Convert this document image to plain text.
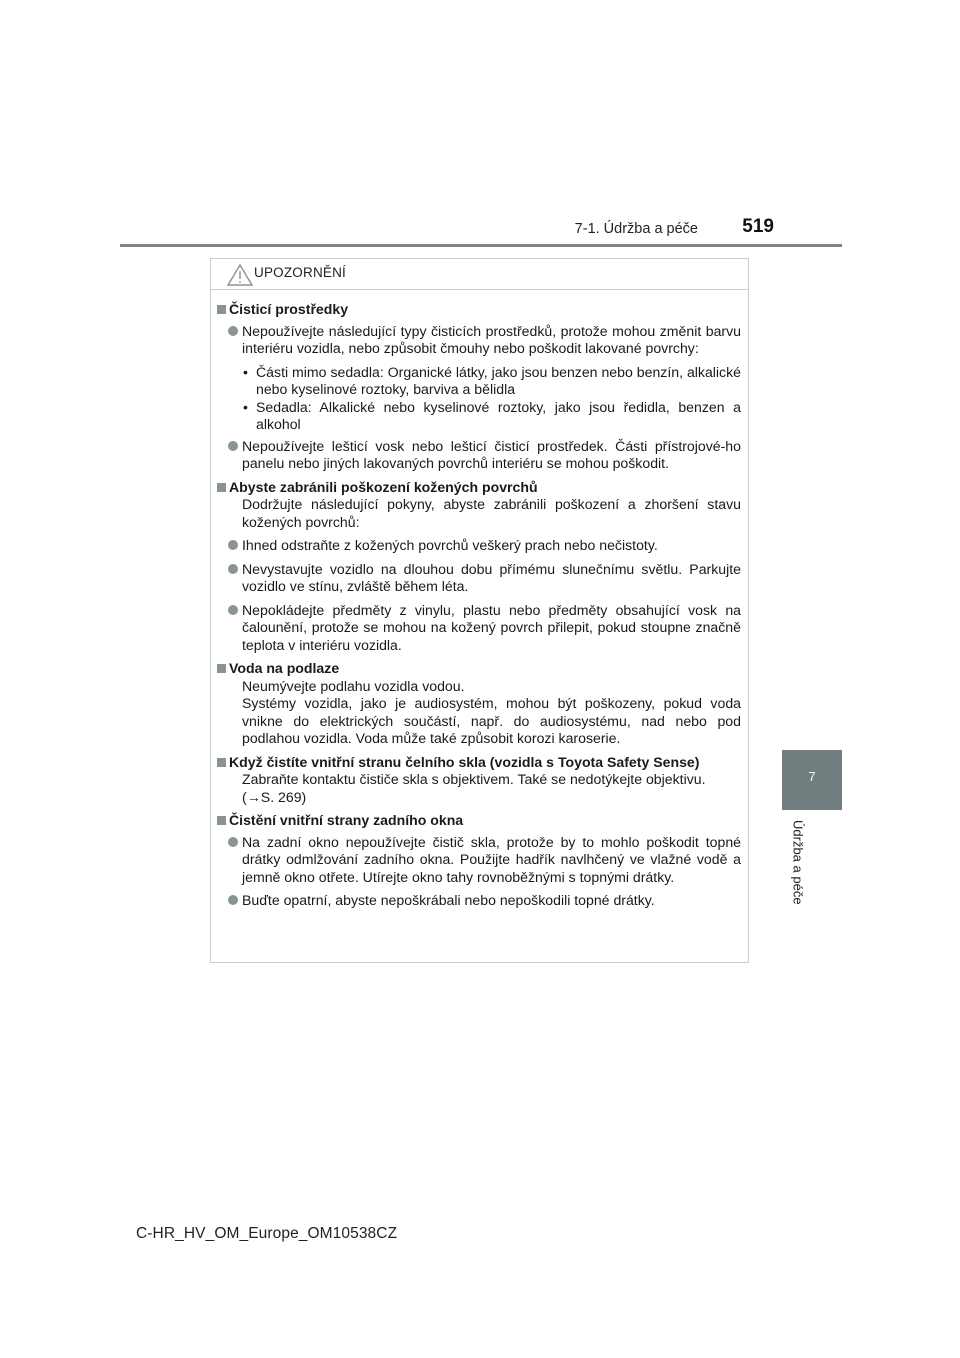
7-1. Údržba a péče 519
7
Údržba a péče
UPOZORNĚNÍ
Čisticí prostředky
Nepoužívejte následující typy čisticích prostředků, protože mohou změnit barvu interiéru vozidla, nebo způsobit čmouhy nebo poškodit lakované povrchy:
• Části mimo sedadla: Organické látky, jako jsou benzen nebo benzín, alkalické nebo kyselinové roztoky, barviva a bělidla
• Sedadla: Alkalické nebo kyselinové roztoky, jako jsou ředidla, benzen a alkohol
Nepoužívejte lešticí vosk nebo lešticí čisticí prostředek. Části přístrojové-ho panelu nebo jiných lakovaných povrchů interiéru se mohou poškodit.
Abyste zabránili poškození kožených povrchů
Dodržujte následující pokyny, abyste zabránili poškození a zhoršení stavu kožených povrchů:
Ihned odstraňte z kožených povrchů veškerý prach nebo nečistoty.
Nevystavujte vozidlo na dlouhou dobu přímému slunečnímu světlu. Parkujte vozidlo ve stínu, zvláště během léta.
Nepokládejte předměty z vinylu, plastu nebo předměty obsahující vosk na čalounění, protože se mohou na kožený povrch přilepit, pokud stoupne značně teplota v interiéru vozidla.
Voda na podlaze
Neumývejte podlahu vozidla vodou.
Systémy vozidla, jako je audiosystém, mohou být poškozeny, pokud voda vnikne do elektrických součástí, např. do audiosystému, nad nebo pod podlahou vozidla. Voda může také způsobit korozi karoserie.
Když čistíte vnitřní stranu čelního skla (vozidla s Toyota Safety Sense)
Zabraňte kontaktu čističe skla s objektivem. Také se nedotýkejte objektivu.
(→S. 269)
Čistění vnitřní strany zadního okna
Na zadní okno nepoužívejte čistič skla, protože by to mohlo poškodit topné drátky odmlžování zadního okna. Použijte hadřík navlhčený ve vlažné vodě a jemně okno otřete. Utírejte okno tahy rovnoběžnými s topnými drátky.
Buďte opatrní, abyste nepoškrábali nebo nepoškodili topné drátky.
C-HR_HV_OM_Europe_OM10538CZ
